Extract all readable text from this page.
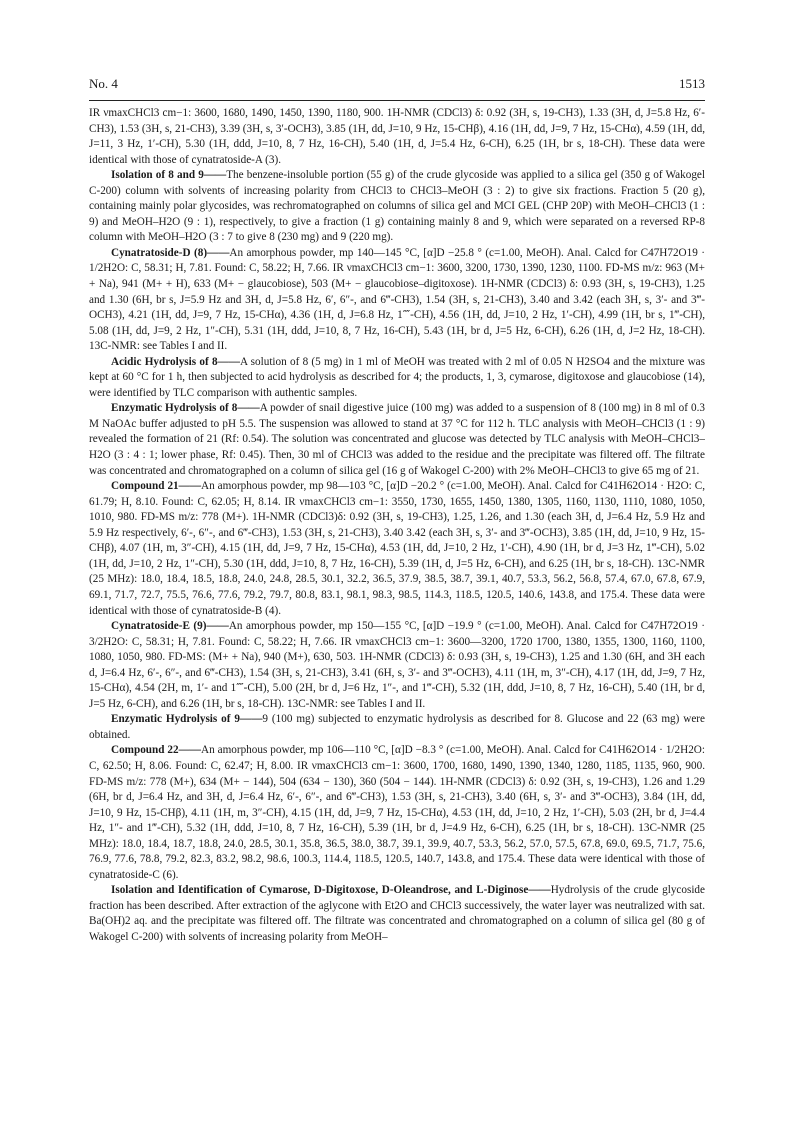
No. 4	1513

IR νmaxCHCl3 cm−1: 3600, 1680, 1490, 1450, 1390, 1180, 900. 1H-NMR (CDCl3) δ: 0.92 (3H, s, 19-CH3), 1.33 (3H, d, J=5.8 Hz, 6′-CH3), 1.53 (3H, s, 21-CH3), 3.39 (3H, s, 3′-OCH3), 3.85 (1H, dd, J=10, 9 Hz, 15-CHβ), 4.16 (1H, dd, J=9, 7 Hz, 15-CHα), 4.59 (1H, dd, J=11, 3 Hz, 1′-CH), 5.30 (1H, ddd, J=10, 8, 7 Hz, 16-CH), 5.40 (1H, d, J=5.4 Hz, 6-CH), 6.25 (1H, br s, 18-CH). These data were identical with those of cynatratoside-A (3).

Isolation of 8 and 9——The benzene-insoluble portion (55 g) of the crude glycoside was applied to a silica gel (350 g of Wakogel C-200) column with solvents of increasing polarity from CHCl3 to CHCl3–MeOH (3 : 2) to give six fractions. Fraction 5 (20 g), containing mainly polar glycosides, was rechromatographed on columns of silica gel and MCI GEL (CHP 20P) with MeOH–CHCl3 (1 : 9) and MeOH–H2O (9 : 1), respectively, to give a fraction (1 g) containing mainly 8 and 9, which were separated on a reversed RP-8 column with MeOH–H2O (3 : 7 to give 8 (230 mg) and 9 (220 mg).

Cynatratoside-D (8)——An amorphous powder, mp 140—145 °C, [α]D −25.8 ° (c=1.00, MeOH). Anal. Calcd for C47H72O19 · 1/2H2O: C, 58.31; H, 7.81. Found: C, 58.22; H, 7.66. IR νmaxCHCl3 cm−1: 3600, 3200, 1730, 1390, 1230, 1100. FD-MS m/z: 963 (M+ + Na), 941 (M+ + H), 633 (M+ − glaucobiose), 503 (M+ − glaucobiose–digitoxose). 1H-NMR (CDCl3) δ: 0.93 (3H, s, 19-CH3), 1.25 and 1.30 (6H, br s, J=5.9 Hz and 3H, d, J=5.8 Hz, 6′, 6″-, and 6‴-CH3), 1.54 (3H, s, 21-CH3), 3.40 and 3.42 (each 3H, s, 3′- and 3‴-OCH3), 4.21 (1H, dd, J=9, 7 Hz, 15-CHα), 4.36 (1H, d, J=6.8 Hz, 1⁗-CH), 4.56 (1H, dd, J=10, 2 Hz, 1′-CH), 4.99 (1H, br s, 1‴-CH), 5.08 (1H, dd, J=9, 2 Hz, 1″-CH), 5.31 (1H, ddd, J=10, 8, 7 Hz, 16-CH), 5.43 (1H, br d, J=5 Hz, 6-CH), 6.26 (1H, d, J=2 Hz, 18-CH). 13C-NMR: see Tables I and II.

Acidic Hydrolysis of 8——A solution of 8 (5 mg) in 1 ml of MeOH was treated with 2 ml of 0.05 N H2SO4 and the mixture was kept at 60 °C for 1 h, then subjected to acid hydrolysis as described for 4; the products, 1, 3, cymarose, digitoxose and glaucobiose (14), were identified by TLC comparison with authentic samples.

Enzymatic Hydrolysis of 8——A powder of snail digestive juice (100 mg) was added to a suspension of 8 (100 mg) in 8 ml of 0.3 M NaOAc buffer adjusted to pH 5.5. The suspension was allowed to stand at 37 °C for 112 h. TLC analysis with MeOH–CHCl3 (1 : 9) revealed the formation of 21 (Rf: 0.54). The solution was concentrated and glucose was detected by TLC analysis with MeOH–CHCl3–H2O (3 : 4 : 1; lower phase, Rf: 0.45). Then, 30 ml of CHCl3 was added to the residue and the precipitate was filtered off. The filtrate was concentrated and chromatographed on a column of silica gel (16 g of Wakogel C-200) with 2% MeOH–CHCl3 to give 65 mg of 21.

Compound 21——An amorphous powder, mp 98—103 °C, [α]D −20.2 ° (c=1.00, MeOH). Anal. Calcd for C41H62O14 · H2O: C, 61.79; H, 8.10. Found: C, 62.05; H, 8.14. IR νmaxCHCl3 cm−1: 3550, 1730, 1655, 1450, 1380, 1305, 1160, 1130, 1110, 1080, 1050, 1010, 980. FD-MS m/z: 778 (M+). 1H-NMR (CDCl3)δ: 0.92 (3H, s, 19-CH3), 1.25, 1.26, and 1.30 (each 3H, d, J=6.4 Hz, 5.9 Hz and 5.9 Hz respectively, 6′-, 6″-, and 6‴-CH3), 1.53 (3H, s, 21-CH3), 3.40 3.42 (each 3H, s, 3′- and 3‴-OCH3), 3.85 (1H, dd, J=10, 9 Hz, 15-CHβ), 4.07 (1H, m, 3″-CH), 4.15 (1H, dd, J=9, 7 Hz, 15-CHα), 4.53 (1H, dd, J=10, 2 Hz, 1′-CH), 4.90 (1H, br d, J=3 Hz, 1‴-CH), 5.02 (1H, dd, J=10, 2 Hz, 1″-CH), 5.30 (1H, ddd, J=10, 8, 7 Hz, 16-CH), 5.39 (1H, d, J=5 Hz, 6-CH), and 6.25 (1H, br s, 18-CH). 13C-NMR (25 MHz): 18.0, 18.4, 18.5, 18.8, 24.0, 24.8, 28.5, 30.1, 32.2, 36.5, 37.9, 38.5, 38.7, 39.1, 40.7, 53.3, 56.2, 56.8, 57.4, 67.0, 67.8, 67.9, 69.1, 71.7, 72.7, 75.5, 76.6, 77.6, 79.2, 79.7, 80.8, 83.1, 98.1, 98.3, 98.5, 114.3, 118.5, 120.5, 140.6, 143.8, and 175.4. These data were identical with those of cynatratoside-B (4).

Cynatratoside-E (9)——An amorphous powder, mp 150—155 °C, [α]D −19.9 ° (c=1.00, MeOH). Anal. Calcd for C47H72O19 · 3/2H2O: C, 58.31; H, 7.81. Found: C, 58.22; H, 7.66. IR νmaxCHCl3 cm−1: 3600—3200, 1720 1700, 1380, 1355, 1300, 1160, 1100, 1080, 1050, 980. FD-MS: (M+ + Na), 940 (M+), 630, 503. 1H-NMR (CDCl3) δ: 0.93 (3H, s, 19-CH3), 1.25 and 1.30 (6H, and 3H each d, J=6.4 Hz, 6′-, 6″-, and 6‴-CH3), 1.54 (3H, s, 21-CH3), 3.41 (6H, s, 3′- and 3‴-OCH3), 4.11 (1H, m, 3″-CH), 4.17 (1H, dd, J=9, 7 Hz, 15-CHα), 4.54 (2H, m, 1′- and 1⁗-CH), 5.00 (2H, br d, J=6 Hz, 1″-, and 1‴-CH), 5.32 (1H, ddd, J=10, 8, 7 Hz, 16-CH), 5.40 (1H, br d, J=5 Hz, 6-CH), and 6.26 (1H, br s, 18-CH). 13C-NMR: see Tables I and II.

Enzymatic Hydrolysis of 9——9 (100 mg) subjected to enzymatic hydrolysis as described for 8. Glucose and 22 (63 mg) were obtained.

Compound 22——An amorphous powder, mp 106—110 °C, [α]D −8.3 ° (c=1.00, MeOH). Anal. Calcd for C41H62O14 · 1/2H2O: C, 62.50; H, 8.06. Found: C, 62.47; H, 8.00. IR νmaxCHCl3 cm−1: 3600, 1700, 1680, 1490, 1390, 1340, 1280, 1185, 1135, 960, 900. FD-MS m/z: 778 (M+), 634 (M+ − 144), 504 (634 − 130), 360 (504 − 144). 1H-NMR (CDCl3) δ: 0.92 (3H, s, 19-CH3), 1.26 and 1.29 (6H, br d, J=6.4 Hz, and 3H, d, J=6.4 Hz, 6′-, 6″-, and 6‴-CH3), 1.53 (3H, s, 21-CH3), 3.40 (6H, s, 3′- and 3‴-OCH3), 3.84 (1H, dd, J=10, 9 Hz, 15-CHβ), 4.11 (1H, m, 3″-CH), 4.15 (1H, dd, J=9, 7 Hz, 15-CHα), 4.53 (1H, dd, J=10, 2 Hz, 1′-CH), 5.03 (2H, br d, J=4.4 Hz, 1″- and 1‴-CH), 5.32 (1H, ddd, J=10, 8, 7 Hz, 16-CH), 5.39 (1H, br d, J=4.9 Hz, 6-CH), 6.25 (1H, br s, 18-CH). 13C-NMR (25 MHz): 18.0, 18.4, 18.7, 18.8, 24.0, 28.5, 30.1, 35.8, 36.5, 38.0, 38.7, 39.1, 39.9, 40.7, 53.3, 56.2, 57.0, 57.5, 67.8, 69.0, 69.5, 71.7, 75.6, 76.9, 77.6, 78.8, 79.2, 82.3, 83.2, 98.2, 98.6, 100.3, 114.4, 118.5, 120.5, 140.7, 143.8, and 175.4. These data were identical with those of cynatratoside-C (6).

Isolation and Identification of Cymarose, D-Digitoxose, D-Oleandrose, and L-Diginose——Hydrolysis of the crude glycoside fraction has been described. After extraction of the aglycone with Et2O and CHCl3 successively, the water layer was neutralized with sat. Ba(OH)2 aq. and the precipitate was filtered off. The filtrate was concentrated and chromatographed on a column of silica gel (80 g of Wakogel C-200) with solvents of increasing polarity from MeOH–
